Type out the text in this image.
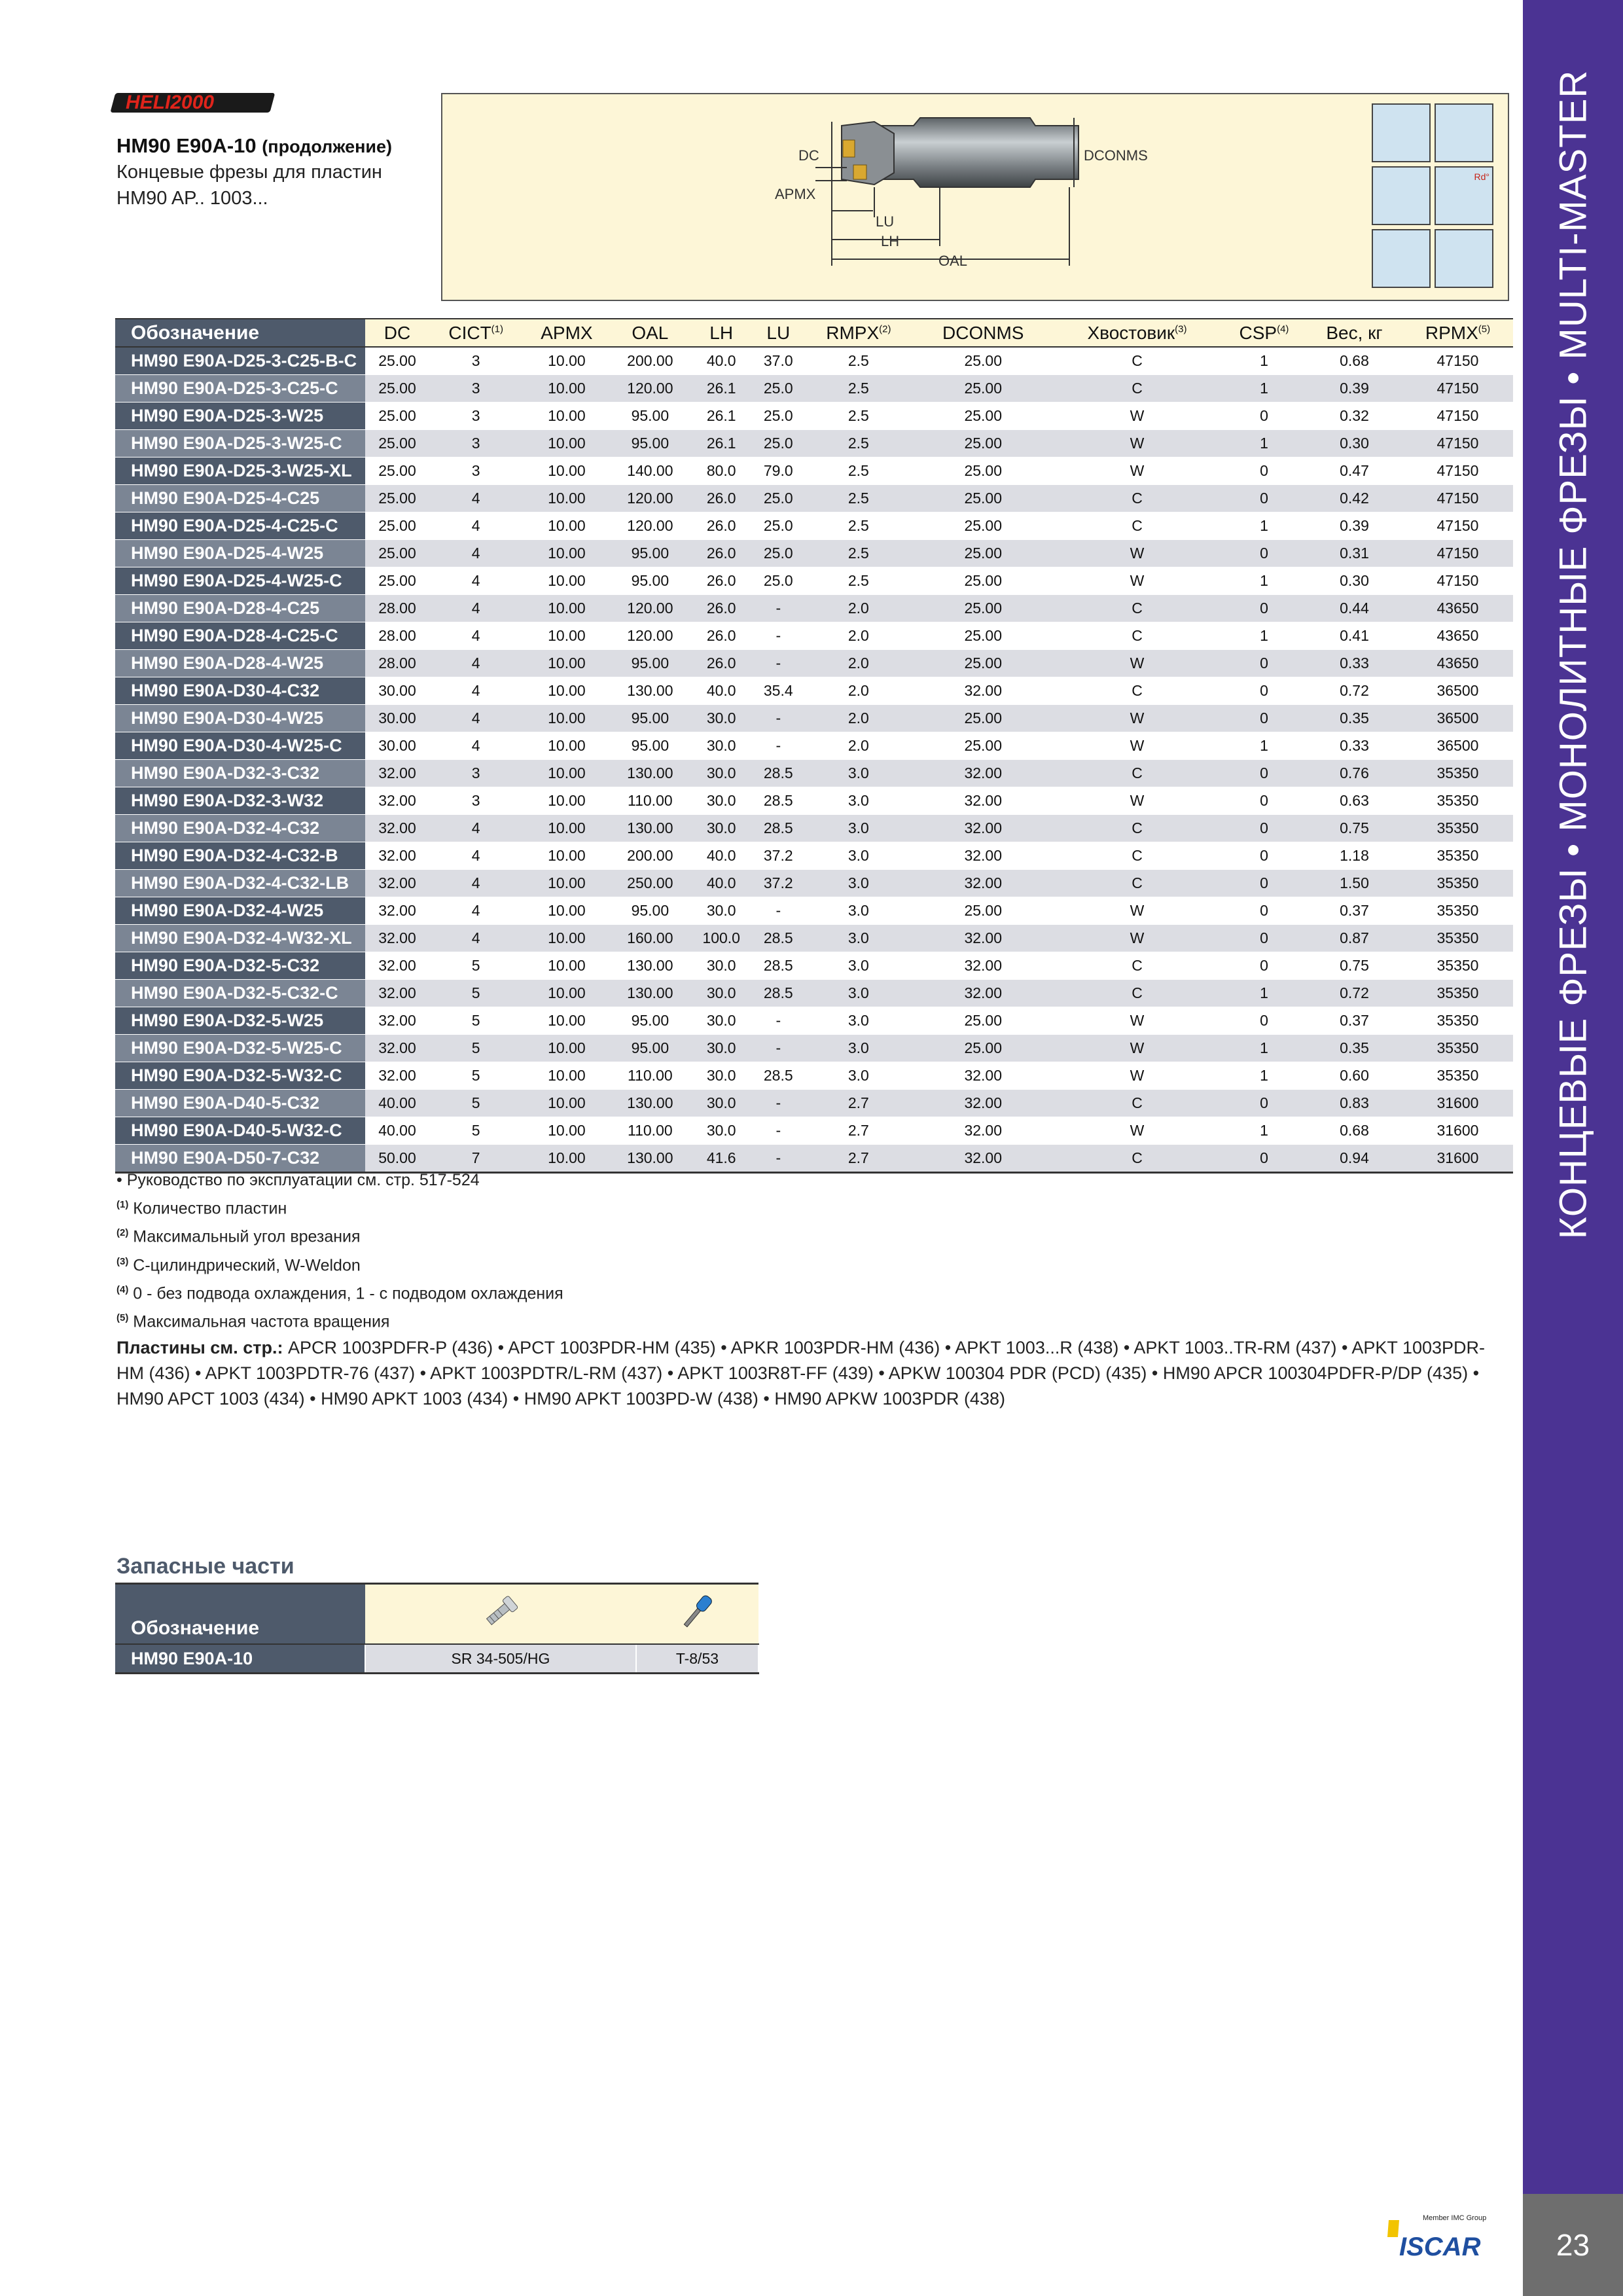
КОНЦЕВЫЕ ФРЕЗЫ • МОНОЛИТНЫЕ ФРЕЗЫ • MULTI-MASTER
23
HELI2000
HM90 E90A-10 (продолжение)
Концевые фрезы для пластин
HM90 AP.. 1003...
DC	DCONMS
APMX
LU
LH
OAL
Rd°
Обозначение	DC	CICT$^{(1)}$	APMX	OAL	LH	LU	RMPX$^{(2)}$	DCONMS	Хвостовик$^{(3)}$	CSP$^{(4)}$	Вес, кг	RPMX$^{(5)}$
HM90 E90A-D25-3-C25-B-C	25.00	3	10.00	200.00	40.0	37.0	2.5	25.00	C	1	0.68	47150
HM90 E90A-D25-3-C25-C	25.00	3	10.00	120.00	26.1	25.0	2.5	25.00	C	1	0.39	47150
HM90 E90A-D25-3-W25	25.00	3	10.00	95.00	26.1	25.0	2.5	25.00	W	0	0.32	47150
HM90 E90A-D25-3-W25-C	25.00	3	10.00	95.00	26.1	25.0	2.5	25.00	W	1	0.30	47150
HM90 E90A-D25-3-W25-XL	25.00	3	10.00	140.00	80.0	79.0	2.5	25.00	W	0	0.47	47150
HM90 E90A-D25-4-C25	25.00	4	10.00	120.00	26.0	25.0	2.5	25.00	C	0	0.42	47150
HM90 E90A-D25-4-C25-C	25.00	4	10.00	120.00	26.0	25.0	2.5	25.00	C	1	0.39	47150
HM90 E90A-D25-4-W25	25.00	4	10.00	95.00	26.0	25.0	2.5	25.00	W	0	0.31	47150
HM90 E90A-D25-4-W25-C	25.00	4	10.00	95.00	26.0	25.0	2.5	25.00	W	1	0.30	47150
HM90 E90A-D28-4-C25	28.00	4	10.00	120.00	26.0	-	2.0	25.00	C	0	0.44	43650
HM90 E90A-D28-4-C25-C	28.00	4	10.00	120.00	26.0	-	2.0	25.00	C	1	0.41	43650
HM90 E90A-D28-4-W25	28.00	4	10.00	95.00	26.0	-	2.0	25.00	W	0	0.33	43650
HM90 E90A-D30-4-C32	30.00	4	10.00	130.00	40.0	35.4	2.0	32.00	C	0	0.72	36500
HM90 E90A-D30-4-W25	30.00	4	10.00	95.00	30.0	-	2.0	25.00	W	0	0.35	36500
HM90 E90A-D30-4-W25-C	30.00	4	10.00	95.00	30.0	-	2.0	25.00	W	1	0.33	36500
HM90 E90A-D32-3-C32	32.00	3	10.00	130.00	30.0	28.5	3.0	32.00	C	0	0.76	35350
HM90 E90A-D32-3-W32	32.00	3	10.00	110.00	30.0	28.5	3.0	32.00	W	0	0.63	35350
HM90 E90A-D32-4-C32	32.00	4	10.00	130.00	30.0	28.5	3.0	32.00	C	0	0.75	35350
HM90 E90A-D32-4-C32-B	32.00	4	10.00	200.00	40.0	37.2	3.0	32.00	C	0	1.18	35350
HM90 E90A-D32-4-C32-LB	32.00	4	10.00	250.00	40.0	37.2	3.0	32.00	C	0	1.50	35350
HM90 E90A-D32-4-W25	32.00	4	10.00	95.00	30.0	-	3.0	25.00	W	0	0.37	35350
HM90 E90A-D32-4-W32-XL	32.00	4	10.00	160.00	100.0	28.5	3.0	32.00	W	0	0.87	35350
HM90 E90A-D32-5-C32	32.00	5	10.00	130.00	30.0	28.5	3.0	32.00	C	0	0.75	35350
HM90 E90A-D32-5-C32-C	32.00	5	10.00	130.00	30.0	28.5	3.0	32.00	C	1	0.72	35350
HM90 E90A-D32-5-W25	32.00	5	10.00	95.00	30.0	-	3.0	25.00	W	0	0.37	35350
HM90 E90A-D32-5-W25-C	32.00	5	10.00	95.00	30.0	-	3.0	25.00	W	1	0.35	35350
HM90 E90A-D32-5-W32-C	32.00	5	10.00	110.00	30.0	28.5	3.0	32.00	W	1	0.60	35350
HM90 E90A-D40-5-C32	40.00	5	10.00	130.00	30.0	-	2.7	32.00	C	0	0.83	31600
HM90 E90A-D40-5-W32-C	40.00	5	10.00	110.00	30.0	-	2.7	32.00	W	1	0.68	31600
HM90 E90A-D50-7-C32	50.00	7	10.00	130.00	41.6	-	2.7	32.00	C	0	0.94	31600
• Руководство по эксплуатации см. стр. 517-524
$^{(1)}$ Количество пластин
$^{(2)}$ Максимальный угол врезания
$^{(3)}$ C-цилиндрический, W-Weldon
$^{(4)}$ 0 - без подвода охлаждения, 1 - с подводом охлаждения
$^{(5)}$ Максимальная частота вращения
Пластины см. стр.: APCR 1003PDFR-P (436) • APCT 1003PDR-HM (435) • APKR 1003PDR-HM (436) • APKT 1003...R (438) • APKT 1003..TR-RM (437) • APKT 1003PDR-HM (436) • APKT 1003PDTR-76 (437) • APKT 1003PDTR/L-RM (437) • APKT 1003R8T-FF (439) • APKW 100304 PDR (PCD) (435) • HM90 APCR 100304PDFR-P/DP (435) • HM90 APCT 1003 (434) • HM90 APKT 1003 (434) • HM90 APKT 1003PD-W (438) • HM90 APKW 1003PDR (438)
Запасные части
Обозначение		
HM90 E90A-10	SR 34-505/HG	T-8/53
Member IMC Group
ISCAR
